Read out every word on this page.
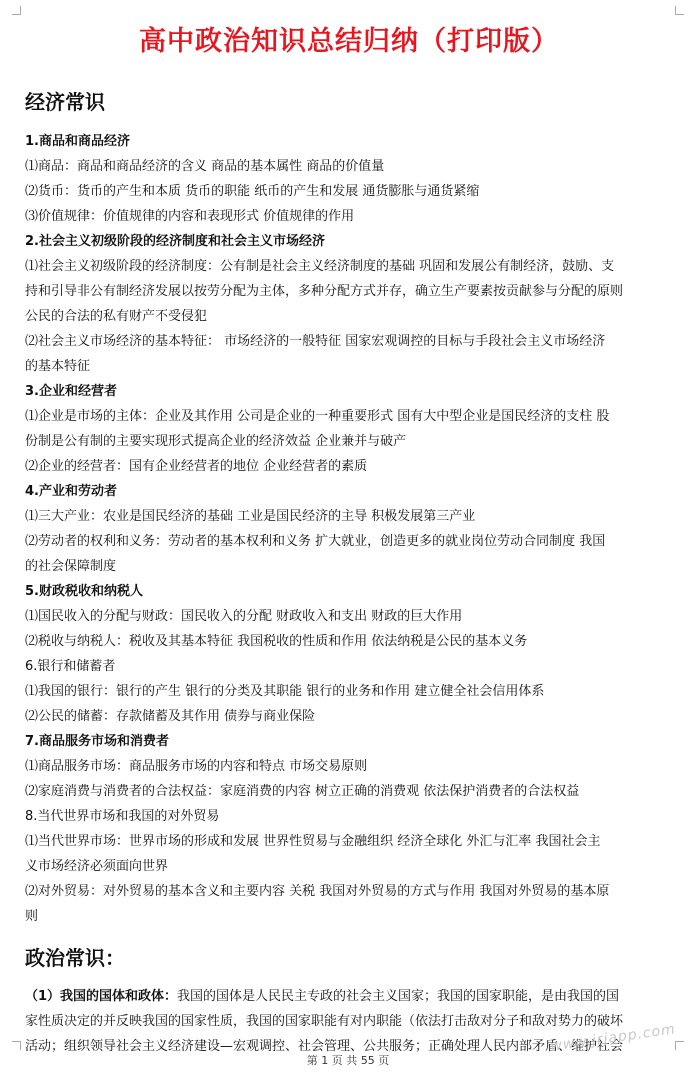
高中政治知识总结归纳（打印版）
经济常识
1.商品和商品经济
⑴商品：商品和商品经济的含义 商品的基本属性 商品的价值量
⑵货币：货币的产生和本质 货币的职能 纸币的产生和发展 通货膨胀与通货紧缩
⑶价值规律：价值规律的内容和表现形式 价值规律的作用
2.社会主义初级阶段的经济制度和社会主义市场经济
⑴社会主义初级阶段的经济制度：公有制是社会主义经济制度的基础 巩固和发展公有制经济，鼓励、支
持和引导非公有制经济发展以按劳分配为主体，多种分配方式并存，确立生产要素按贡献参与分配的原则
公民的合法的私有财产不受侵犯
⑵社会主义市场经济的基本特征： 市场经济的一般特征 国家宏观调控的目标与手段社会主义市场经济
的基本特征
3.企业和经营者
⑴企业是市场的主体：企业及其作用 公司是企业的一种重要形式 国有大中型企业是国民经济的支柱 股
份制是公有制的主要实现形式提高企业的经济效益 企业兼并与破产
⑵企业的经营者：国有企业经营者的地位 企业经营者的素质
4.产业和劳动者
⑴三大产业：农业是国民经济的基础 工业是国民经济的主导 积极发展第三产业
⑵劳动者的权利和义务：劳动者的基本权利和义务 扩大就业，创造更多的就业岗位劳动合同制度 我国
的社会保障制度
5.财政税收和纳税人
⑴国民收入的分配与财政：国民收入的分配 财政收入和支出 财政的巨大作用
⑵税收与纳税人：税收及其基本特征 我国税收的性质和作用 依法纳税是公民的基本义务
6.银行和储蓄者
⑴我国的银行：银行的产生 银行的分类及其职能 银行的业务和作用 建立健全社会信用体系
⑵公民的储蓄：存款储蓄及其作用 债券与商业保险
7.商品服务市场和消费者
⑴商品服务市场：商品服务市场的内容和特点 市场交易原则
⑵家庭消费与消费者的合法权益：家庭消费的内容 树立正确的消费观 依法保护消费者的合法权益
8.当代世界市场和我国的对外贸易
⑴当代世界市场：世界市场的形成和发展 世界性贸易与金融组织 经济全球化 外汇与汇率 我国社会主
义市场经济必须面向世界
⑵对外贸易：对外贸易的基本含义和主要内容 关税 我国对外贸易的方式与作用 我国对外贸易的基本原
则
政治常识：
（1）我国的国体和政体：我国的国体是人民民主专政的社会主义国家；我国的国家职能，是由我国的国
家性质决定的并反映我国的国家性质，我国的国家职能有对内职能（依法打击敌对分子和敌对势力的破坏
活动；组织领导社会主义经济建设—宏观调控、社会管理、公共服务；正确处理人民内部矛盾、维护社会
www.jrjapp.com
第 1 页 共 55 页
